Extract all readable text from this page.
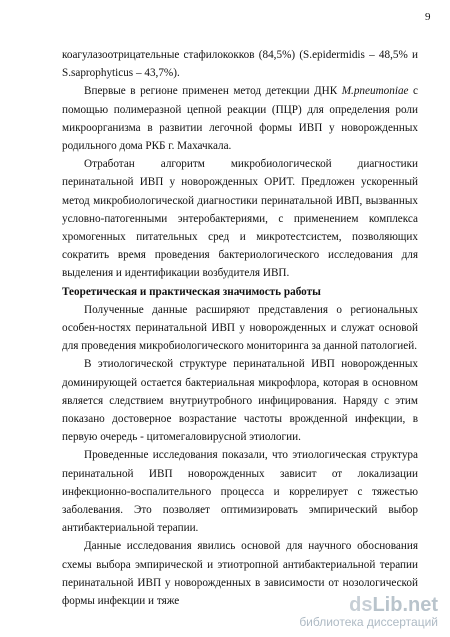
9

коагулазоотрицательные стафилококков (84,5%) (S.epidermidis – 48,5% и S.saprophyticus – 43,7%).

Впервые в регионе применен метод детекции ДНК M.pneumoniae с помощью полимеразной цепной реакции (ПЦР) для определения роли микроорганизма в развитии легочной формы ИВП у новорожденных родильного дома РКБ г. Махачкала.

Отработан алгоритм микробиологической диагностики перинатальной ИВП у новорожденных ОРИТ. Предложен ускоренный метод микробиологической диагностики перинатальной ИВП, вызванных условно-патогенными энтеробактериями, с применением комплекса хромогенных питательных сред и микротестсистем, позволяющих сократить время проведения бактериологического исследования для выделения и идентификации возбудителя ИВП.

Теоретическая и практическая значимость работы

Полученные данные расширяют представления о региональных особен-ностях перинатальной ИВП у новорожденных и служат основой для проведения микробиологического мониторинга за данной патологией.

В этиологической структуре перинатальной ИВП новорожденных доминирующей остается бактериальная микрофлора, которая в основном является следствием внутриутробного инфицирования. Наряду с этим показано достоверное возрастание частоты врожденной инфекции, в первую очередь - цитомегаловирусной этиологии.

Проведенные исследования показали, что этиологическая структура перинатальной ИВП новорожденных зависит от локализации инфекционно-воспалительного процесса и коррелирует с тяжестью заболевания. Это позволяет оптимизировать эмпирический выбор антибактериальной терапии.

Данные исследования явились основой для научного обоснования схемы выбора эмпирической и этиотропной антибактериальной терапии перинатальной ИВП у новорожденных в зависимости от нозологической формы инфекции и тяже	dsLib.net
библиотека диссертаций
